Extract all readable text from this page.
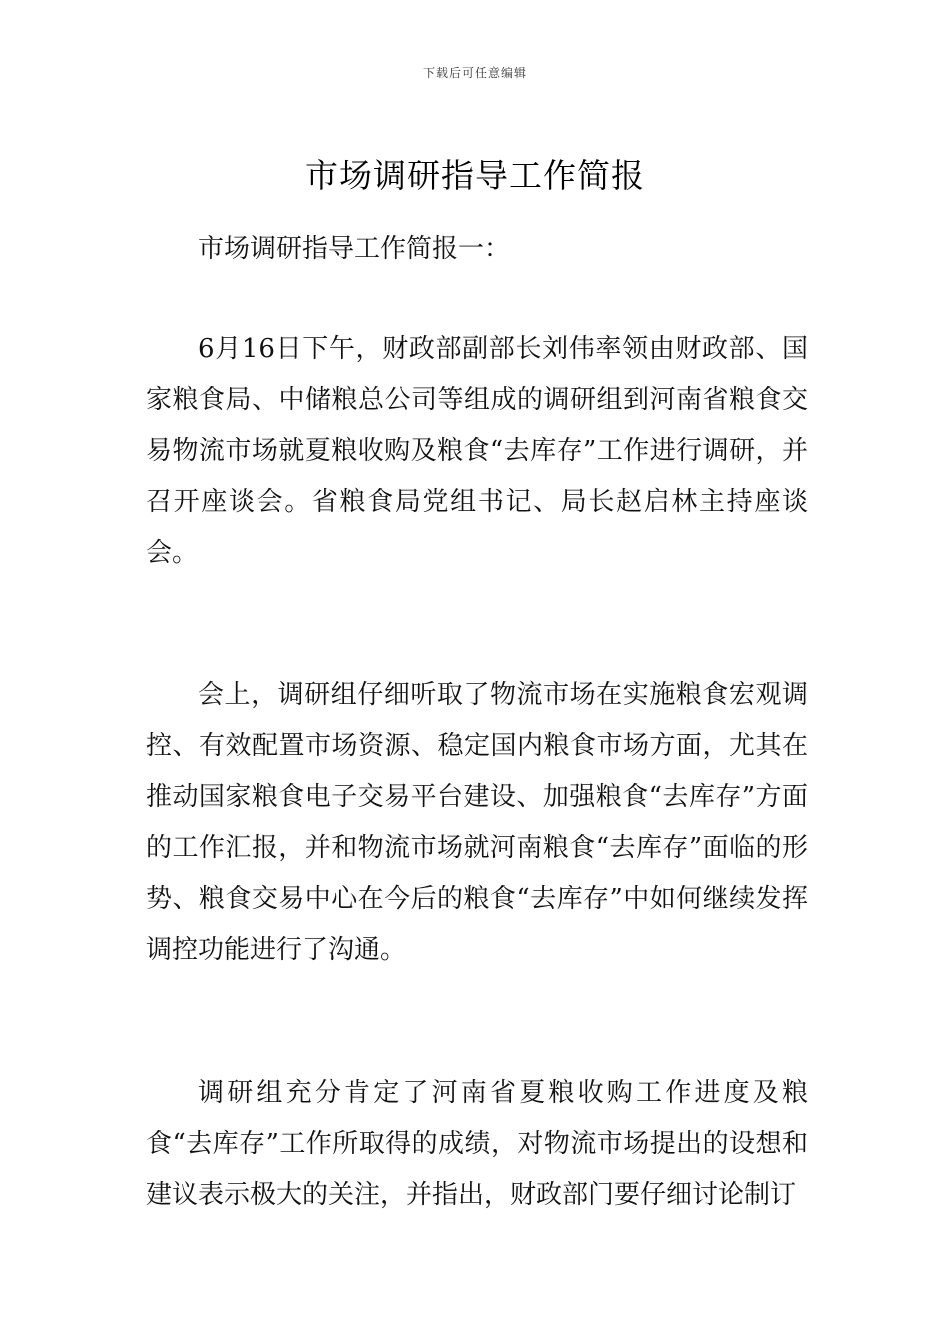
下载后可任意编辑
市场调研指导工作简报

市场调研指导工作简报一：

6月16日下午，财政部副部长刘伟率领由财政部、国家粮食局、中储粮总公司等组成的调研组到河南省粮食交易物流市场就夏粮收购及粮食“去库存”工作进行调研，并召开座谈会。省粮食局党组书记、局长赵启林主持座谈会。

会上，调研组仔细听取了物流市场在实施粮食宏观调控、有效配置市场资源、稳定国内粮食市场方面，尤其在推动国家粮食电子交易平台建设、加强粮食“去库存”方面的工作汇报，并和物流市场就河南粮食“去库存”面临的形势、粮食交易中心在今后的粮食“去库存”中如何继续发挥调控功能进行了沟通。

调研组充分肯定了河南省夏粮收购工作进度及粮食“去库存”工作所取得的成绩，对物流市场提出的设想和建议表示极大的关注，并指出，财政部门要仔细讨论制订
